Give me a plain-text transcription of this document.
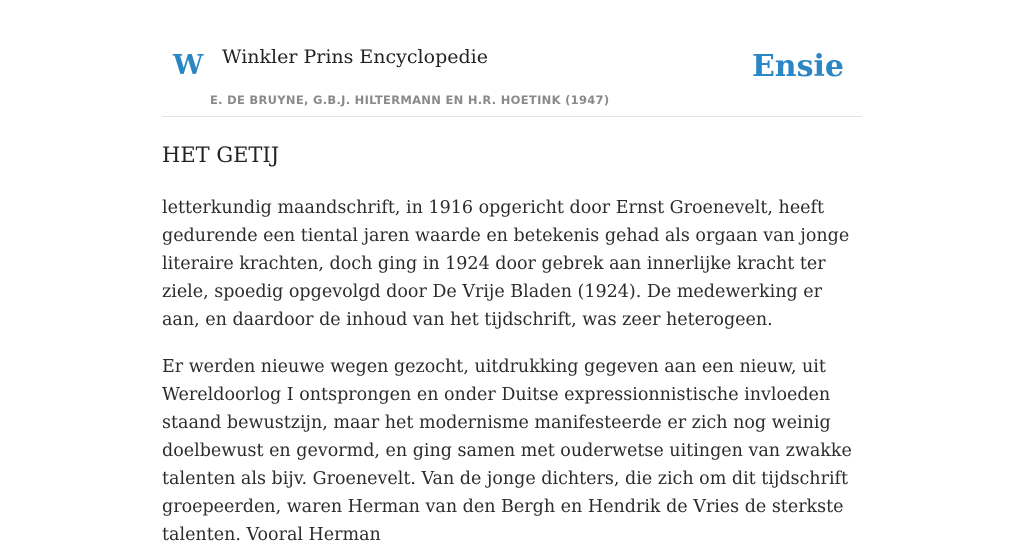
W Winkler Prins Encyclopedie
E. DE BRUYNE, G.B.J. HILTERMANN EN H.R. HOETINK (1947)
Ensie
HET GETIJ

letterkundig maandschrift, in 1916 opgericht door Ernst Groenevelt, heeft gedurende een tiental jaren waarde en betekenis gehad als orgaan van jonge literaire krachten, doch ging in 1924 door gebrek aan innerlijke kracht ter ziele, spoedig opgevolgd door De Vrije Bladen (1924). De medewerking er aan, en daardoor de inhoud van het tijdschrift, was zeer heterogeen.

Er werden nieuwe wegen gezocht, uitdrukking gegeven aan een nieuw, uit Wereldoorlog I ontsprongen en onder Duitse expressionnistische invloeden staand bewustzijn, maar het modernisme manifesteerde er zich nog weinig doelbewust en gevormd, en ging samen met ouderwetse uitingen van zwakke talenten als bijv. Groenevelt. Van de jonge dichters, die zich om dit tijdschrift groepeerden, waren Herman van den Bergh en Hendrik de Vries de sterkste talenten. Vooral Herman
